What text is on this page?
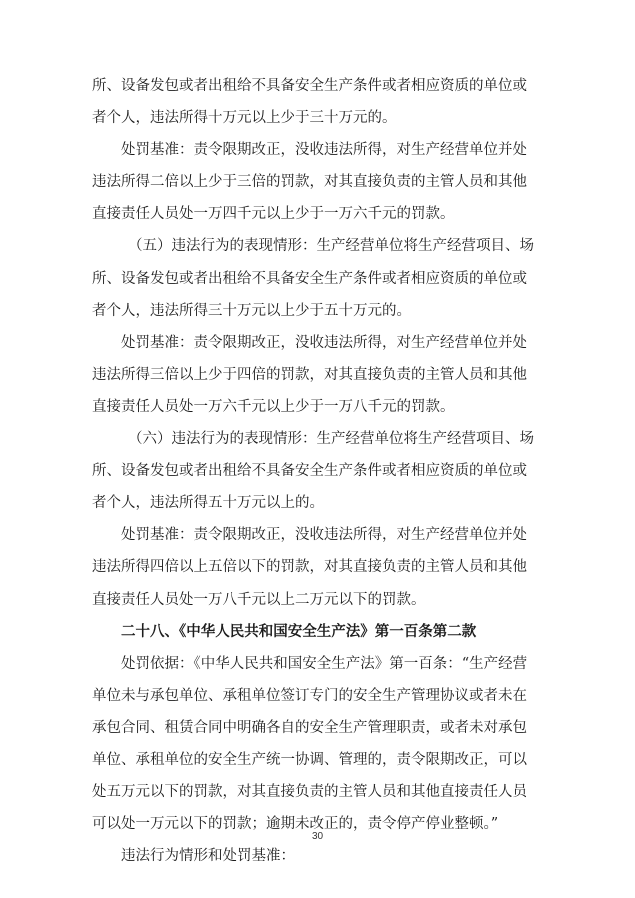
所、设备发包或者出租给不具备安全生产条件或者相应资质的单位或
者个人，违法所得十万元以上少于三十万元的。
处罚基准：责令限期改正，没收违法所得，对生产经营单位并处
违法所得二倍以上少于三倍的罚款，对其直接负责的主管人员和其他
直接责任人员处一万四千元以上少于一万六千元的罚款。
（五）违法行为的表现情形：生产经营单位将生产经营项目、场
所、设备发包或者出租给不具备安全生产条件或者相应资质的单位或
者个人，违法所得三十万元以上少于五十万元的。
处罚基准：责令限期改正，没收违法所得，对生产经营单位并处
违法所得三倍以上少于四倍的罚款，对其直接负责的主管人员和其他
直接责任人员处一万六千元以上少于一万八千元的罚款。
（六）违法行为的表现情形：生产经营单位将生产经营项目、场
所、设备发包或者出租给不具备安全生产条件或者相应资质的单位或
者个人，违法所得五十万元以上的。
处罚基准：责令限期改正，没收违法所得，对生产经营单位并处
违法所得四倍以上五倍以下的罚款，对其直接负责的主管人员和其他
直接责任人员处一万八千元以上二万元以下的罚款。
二十八、《中华人民共和国安全生产法》第一百条第二款
处罚依据：《中华人民共和国安全生产法》第一百条：“生产经营
单位未与承包单位、承租单位签订专门的安全生产管理协议或者未在
承包合同、租赁合同中明确各自的安全生产管理职责，或者未对承包
单位、承租单位的安全生产统一协调、管理的，责令限期改正，可以
处五万元以下的罚款，对其直接负责的主管人员和其他直接责任人员
可以处一万元以下的罚款；逾期未改正的，责令停产停业整顿。”
违法行为情形和处罚基准：
30
